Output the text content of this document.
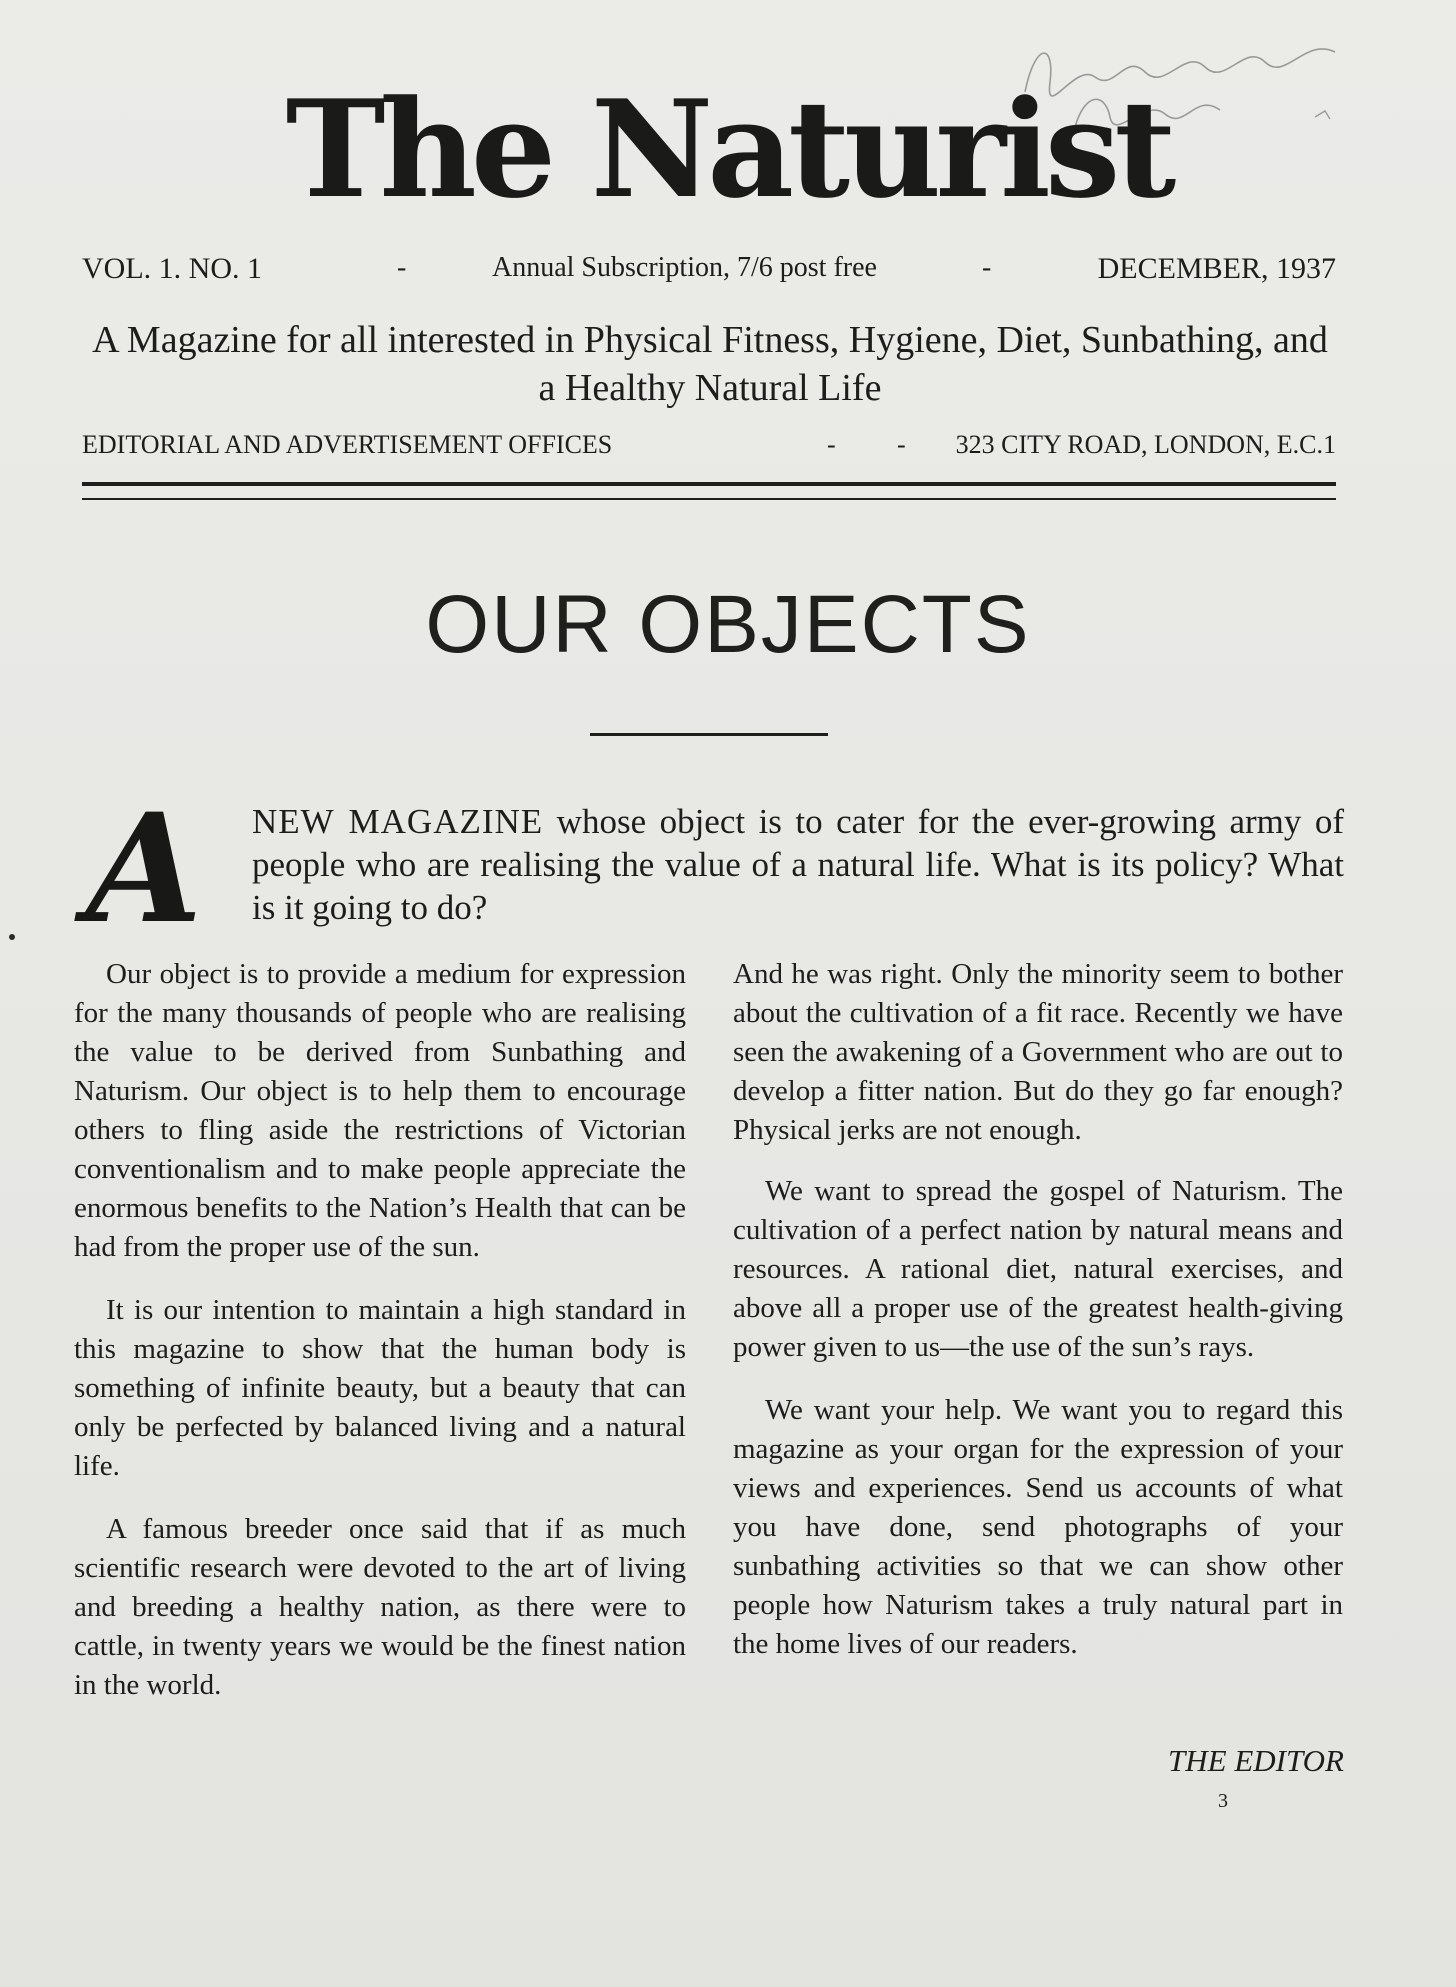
The Naturist
VOL. 1. NO. 1	-	Annual Subscription, 7/6 post free	-	DECEMBER, 1937
A Magazine for all interested in Physical Fitness, Hygiene, Diet, Sunbathing, and a Healthy Natural Life
EDITORIAL AND ADVERTISEMENT OFFICES	- - 323 CITY ROAD, LONDON, E.C.1
OUR OBJECTS
A NEW MAGAZINE whose object is to cater for the ever-growing army of people who are realising the value of a natural life. What is its policy? What is it going to do?

Our object is to provide a medium for expression for the many thousands of people who are realising the value to be derived from Sunbathing and Naturism. Our object is to help them to encourage others to fling aside the restrictions of Victorian conventionalism and to make people appreciate the enormous benefits to the Nation’s Health that can be had from the proper use of the sun.

It is our intention to maintain a high standard in this magazine to show that the human body is something of infinite beauty, but a beauty that can only be perfected by balanced living and a natural life.

A famous breeder once said that if as much scientific research were devoted to the art of living and breeding a healthy nation, as there were to cattle, in twenty years we would be the finest nation in the world.

And he was right. Only the minority seem to bother about the cultivation of a fit race. Recently we have seen the awakening of a Government who are out to develop a fitter nation. But do they go far enough? Physical jerks are not enough.

We want to spread the gospel of Naturism. The cultivation of a perfect nation by natural means and resources. A rational diet, natural exercises, and above all a proper use of the greatest health-giving power given to us—the use of the sun’s rays.

We want your help. We want you to regard this magazine as your organ for the expression of your views and experiences. Send us accounts of what you have done, send photographs of your sunbathing activities so that we can show other people how Naturism takes a truly natural part in the home lives of our readers.

THE EDITOR
3
